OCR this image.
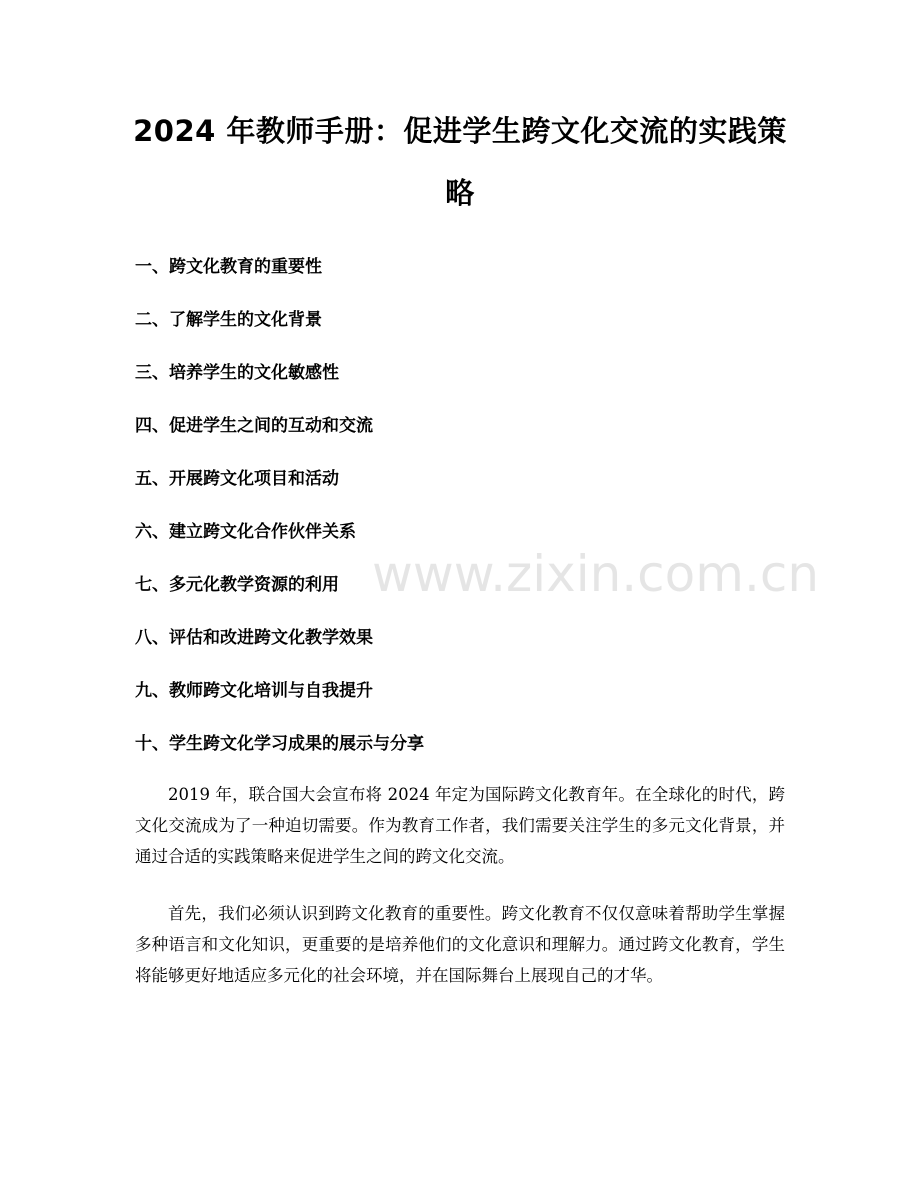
2024 年教师手册：促进学生跨文化交流的实践策略
一、跨文化教育的重要性
二、了解学生的文化背景
三、培养学生的文化敏感性
四、促进学生之间的互动和交流
五、开展跨文化项目和活动
六、建立跨文化合作伙伴关系
七、多元化教学资源的利用
八、评估和改进跨文化教学效果
九、教师跨文化培训与自我提升
十、学生跨文化学习成果的展示与分享

2019 年，联合国大会宣布将 2024 年定为国际跨文化教育年。在全球化的时代，跨文化交流成为了一种迫切需要。作为教育工作者，我们需要关注学生的多元文化背景，并通过合适的实践策略来促进学生之间的跨文化交流。

首先，我们必须认识到跨文化教育的重要性。跨文化教育不仅仅意味着帮助学生掌握多种语言和文化知识，更重要的是培养他们的文化意识和理解力。通过跨文化教育，学生将能够更好地适应多元化的社会环境，并在国际舞台上展现自己的才华。

www.zixin.com.cn
